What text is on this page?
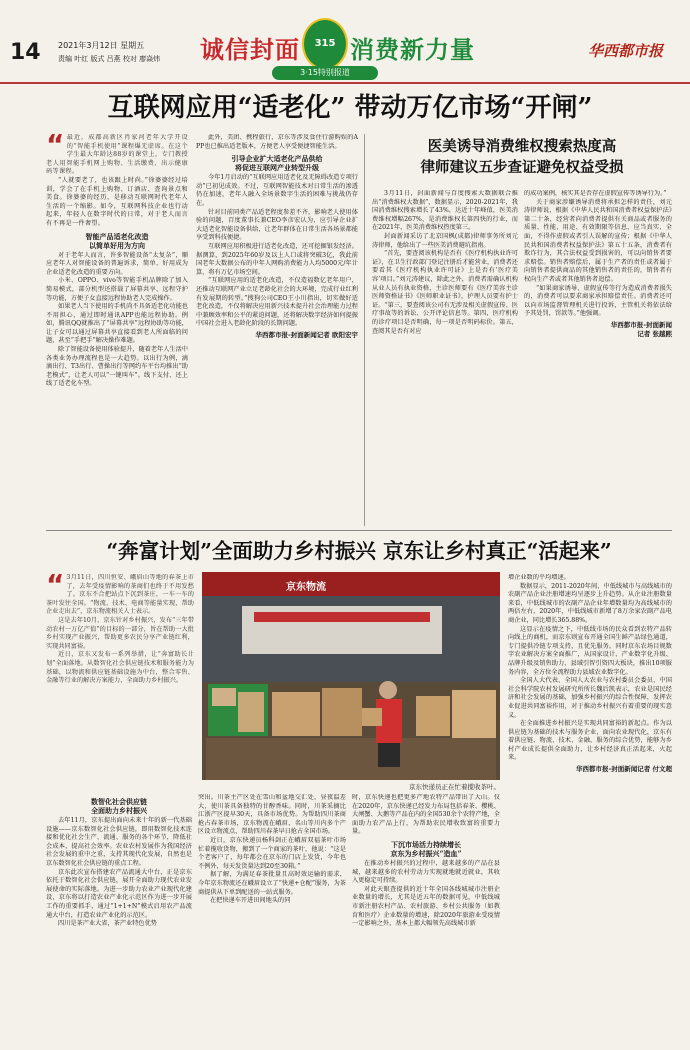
14 2021年3月12日 星期五
责编 叶红 版式 吕燕 校对 廖焱炜 诚信封面	315 消费新力量
3·15特别报道
华西都市报
互联网应用“适老化” 带动万亿市场“开闸”
“ 最近，成都高新区肖家河老年大学开设的“智能手机使用”课程爆无虚席。在这个学生最大年龄达88岁的课堂上，专门教授老人用智能手机网上购物、生活缴费、出示健康码等课程。

“人就要老了，也该跟上时尚。”徐婆婆经过培训，学会了在手机上购物、订酒店、查询景点和美食。徐婆婆的经历，是移动互联网时代老年人生活的一个缩影。如今，互联网科技企业也行动起来，年轻人在数字时代的日常，对于老人而言有不再是一件奢望。

智能产品适老化改造
以简单好用为方向

对于老年人而言，许多智能设备“太复杂”，顺应老年人对智能设备的普遍诉求，简单、好用成为企业适老化改造的重要方向。

小米、OPPO、vivo等智能手机品牌除了加入简易模式，部分机型还搭载了屏幕共享、远程守护等功能，方便子女直接远程协助老人完成操作。

如果老人当下使用的手机尚不具备适老化功能也不用担心，通过即时通讯APP也能远程协助。例如，腾讯QQ就推出了“屏幕共享”远程协助等功能，让子女可以通过屏幕共享直接看到老人所面临的问题，甚至“手把手”解决操作难题。

除了智能设备使用体验提升，随着老年人生活中各类业务办理流程也是一大趋势。以出行为例，滴滴出行、T3出行、曹操出行等网约车平台均推出“助老模式”，让老人可以“一键叫车”。线下支付、还上线了适老化车型。

此外，美团、携程旅行、京东等涉及食住行游购娱的APP也已推出适老版本，方便老人享受便捷智能生活。

引导企业扩大适老化产品供给
将促进互联网产业转型升级

今年1月启动的“互联网应用适老化及无障碍改造专项行动”已初见成效。不过，互联网智能技术对日常生活的渗透仍在加速，老年人融入全场景数字生活的困难与挑战仍存在。

针对目前同类产品适老程度参差不齐，影响老人使用体验的问题，百度董事长兼CEO李彦宏认为，应引导企业扩大适老化智能设备供给，让老年群体在日常生活各场景都能享受到科技便捷。

互联网应用积极进行适老化改造，还可挖掘银发经济。据测算，到2025年60岁及以上人口或将突破3亿，我此前国老年大数据公布的中年人网购消费能力人均5000元/年计算，将有万亿市场空间。

“互联网应用的适老化改造，不仅造福数亿老年用户，还推动互联网产业立足老龄化社会的大环境，完成行业红利有发展期的转型。”搜狗公司CEO王小川指出，切实做好适老化改造，不仅将解决应用新兴技术提升社会治理能力过程中兼顾效率和公平的紧迫问题，还将解决数字经济如何提振中国社会进入老龄化阶段的长期问题。

华西都市报-封面新闻记者 欧阳宏宇
医美诱导消费维权搜索热度高
律师建议五步查证避免权益受损

3月11日，封面新闻与百度搜索大数据联合推出“消费维权大数据”，数据显示，2020-2021年，我国消费维权搜索增长了43%，达近十年峰值，医美消费维权增幅267%，是消费维权长第四快的行业，而在2021年，医美消费维权热度第三。

封面新闻采访了北京国枫(成都)律师事务所刘元涛律师，他给出了一些医美消费避坑指南。

“首先，要查阅该机构是否有《医疗机构执业许可证》，在卫生行政部门登记注册后才能营业，消费者还要看其《医疗机构执业许可证》上是否有‘医疗美容’项目。”刘元涛建议，除此之外，消费者需确认机构从业人员有执业资格，主诊医师要有《医疗美容主诊医师资格证书》《医师职业证书》，护理人员要有护士证。“第三，要查阅该公司有无涉及相关虚假宣传、医疗事故等的诉讼、公开评论信息等。第四，医疗机构的诊疗项目是否明确，每一项是否明码标价。第五，查阅其是否有对应

的成功案例，核实其是否存在虚假宣传等诱导行为。”

关于商家涉嫌诱导消费将承担怎样的责任，刘元涛律师说，根据《中华人民共和国消费者权益保护法》第二十条，经营者向消费者提供有关商品或者服务的质量、性能、用途、有效期限等信息，应当真实、全面，不得作虚假或者引人误解的宣传；根据《中华人民共和国消费者权益保护法》第五十五条，消费者有欺诈行为，其合法权益受到损害的，可以向销售者要求赔偿。销售者赔偿后，属于生产者的责任或者属于向销售者提供商品的其他销售者的责任的，销售者有权向生产者或者其他销售者追偿。

“如果商家诱导、虚假宣传等行为造成消费者损失的，消费者可以要求商家承担赔偿责任。消费者还可以向市场监督管理机关进行投诉，主管机关将依法给予其处罚，罚款等。”他强调。

华西都市报-封面新闻
记者 张越熙
“奔富计划”全面助力乡村振兴 京东让乡村真正“活起来”
“ 3月11日，四川恒安、峨眉山等地的春茶上市了，去年受疫情影响的茶商们也终于不用发愁了。京东不合把站点下沉到茶庄，一车一车的茶叶发往全国。“物流、技术、电商等能量实现，帮助企业走出去”，京东物流相关人士表示。

这是去年10月，京东针对乡村振兴，发布“三年带动农村一万亿产值”的目标的一部分，旨在帮助一大批乡村实现产业振兴，帮助更多农民分享产业链红利，实现共同富裕。

近日，京东又发布一系列举措，让“奔富助长计划”全面落地。从数智化社会供应链技术和服务能力为基础，以物流和供应链基础设施为中台，整合零售、金融等行业的解决方案能力，全面助力乡村振兴。

京东物流
京东快递员正在忙着揽收茶叶。
数智化社会供应链
全面助力乡村振兴

去年11月，京东提出面向未来十年的新一代基础设施——京东数智化社会供应链，即用数智化技术连接和优化社会生产、流通、服务的各个环节，降低社会成本，提高社会效率。农业农村发展作为我国经济社会发展的重中之重，支持其现代化发展，自然也是京东数智化社会供应链的重点工程。

京东此次宣布搭建农产品流通大中台，正是京东依托于数智化社会供应链，展开全面助力现代农业发展使命的实际落地。为进一步助力农业产业现代化建设，京东将以打造农业产业化示范区作为进一步开展工作的重要抓手，通过“1+1+N”模式启用农产品流通大中台，打造农业产业化的示范区。

四川是茶产业大省，茶产业特色优势

突出。川茶主产区处在雪山和盆地交汇处，昼夜温差大，使川茶具备独特的甘醇香味。同时，川茶采摘比江浙产区提早30天，具备市场优势。为帮助四川茶商抢占春茶市场，京东物流在峨眉、名山等川内多个产区设立物流点，帮助四川春茶早日抢占全国市场。

近日，京东快递员杨科剑正在峨眉双福茶叶市场忙着揽收货物，搬到了一个商家的茶叶，他说：“这是个老客户了，每年都会在京东的门店上发货，今年也不例外，每天发货量达到20至30箱。”

据了解，为满足春茶批量且高时效运输的需求，今年京东物流还在峨眉设立了“快递+仓配”服务，为茶商提供从下单到配送的一站式服务。

在把快递车开进田间地头的同

时，京东快递也把更多产地农特产品带出了大山。仅在2020年，京东快递已经发力布局包括春茶、樱桃、大闸蟹、大鹅等产品在内的全国530余个农特产地，全面助力农产品上行，为帮助农民增收致富的重要力量。

下沉市场活力持续增长
京东为乡村振兴“造血”

在推动乡村振兴的过程中，越来越多的产品在县城，越来越多的农村劳动力实现就地就近就业，其收入更稳定可持续。

对此天眼查提供的近十年全国各线城城市注册企业数量的增长，尤其是近五年的数据可见，中低线城市新注册农村产品、农村旅游、乡村公共服务（如教育和医疗）企业数量的增速，除2020年旅游业受疫情一定影响之外，基本上都大幅领先高线城市新

增企业数的平均增速。

数据显示，2011-2020年间，中低线城市与高线城市的农副产品企业注册增速均呈逐步上升趋势。从企业注册数量来看，中低线城市的农副产品企业年增数量均为高线城市的两倍左右，2020年，中低线城市新增了8万余家农副产品电商企业，同比增长365.88%。

这显示在疫情之下，中低线市场的民众看到农特产品转向线上的商机，而京东则宣布开通全国生鲜产品绿色通道，专门提供冷链专项支持，且优先服务。同时京东农场目规数字农业解决方案全面推广，从国家设计、产业数字化升级、品牌升级及销售助力、县域引智引资四大板块，推出10项服务内容，全方位全流程助力县域农业数字化。

全国人大代表、全国人大农业与农村委员会委员、中国社会科学院农村发展研究所所长魏后凯表示，农业是国民经济和社会发展的基础，加强乡村振兴的综合性保障，发挥农业促进共同富裕作用，对于推动乡村振兴有着重要的现实意义。

在全面推进乡村振兴是实现共同富裕的新起点。作为以供应链为基础的技术与服务企业，面向农业现代化，京东有着供应链、物流、技术、金融、服务的综合优势，能够为乡村产业成长提供全面助力，让乡村经济真正活起来，火起来。

华西都市报-封面新闻记者 付文超
